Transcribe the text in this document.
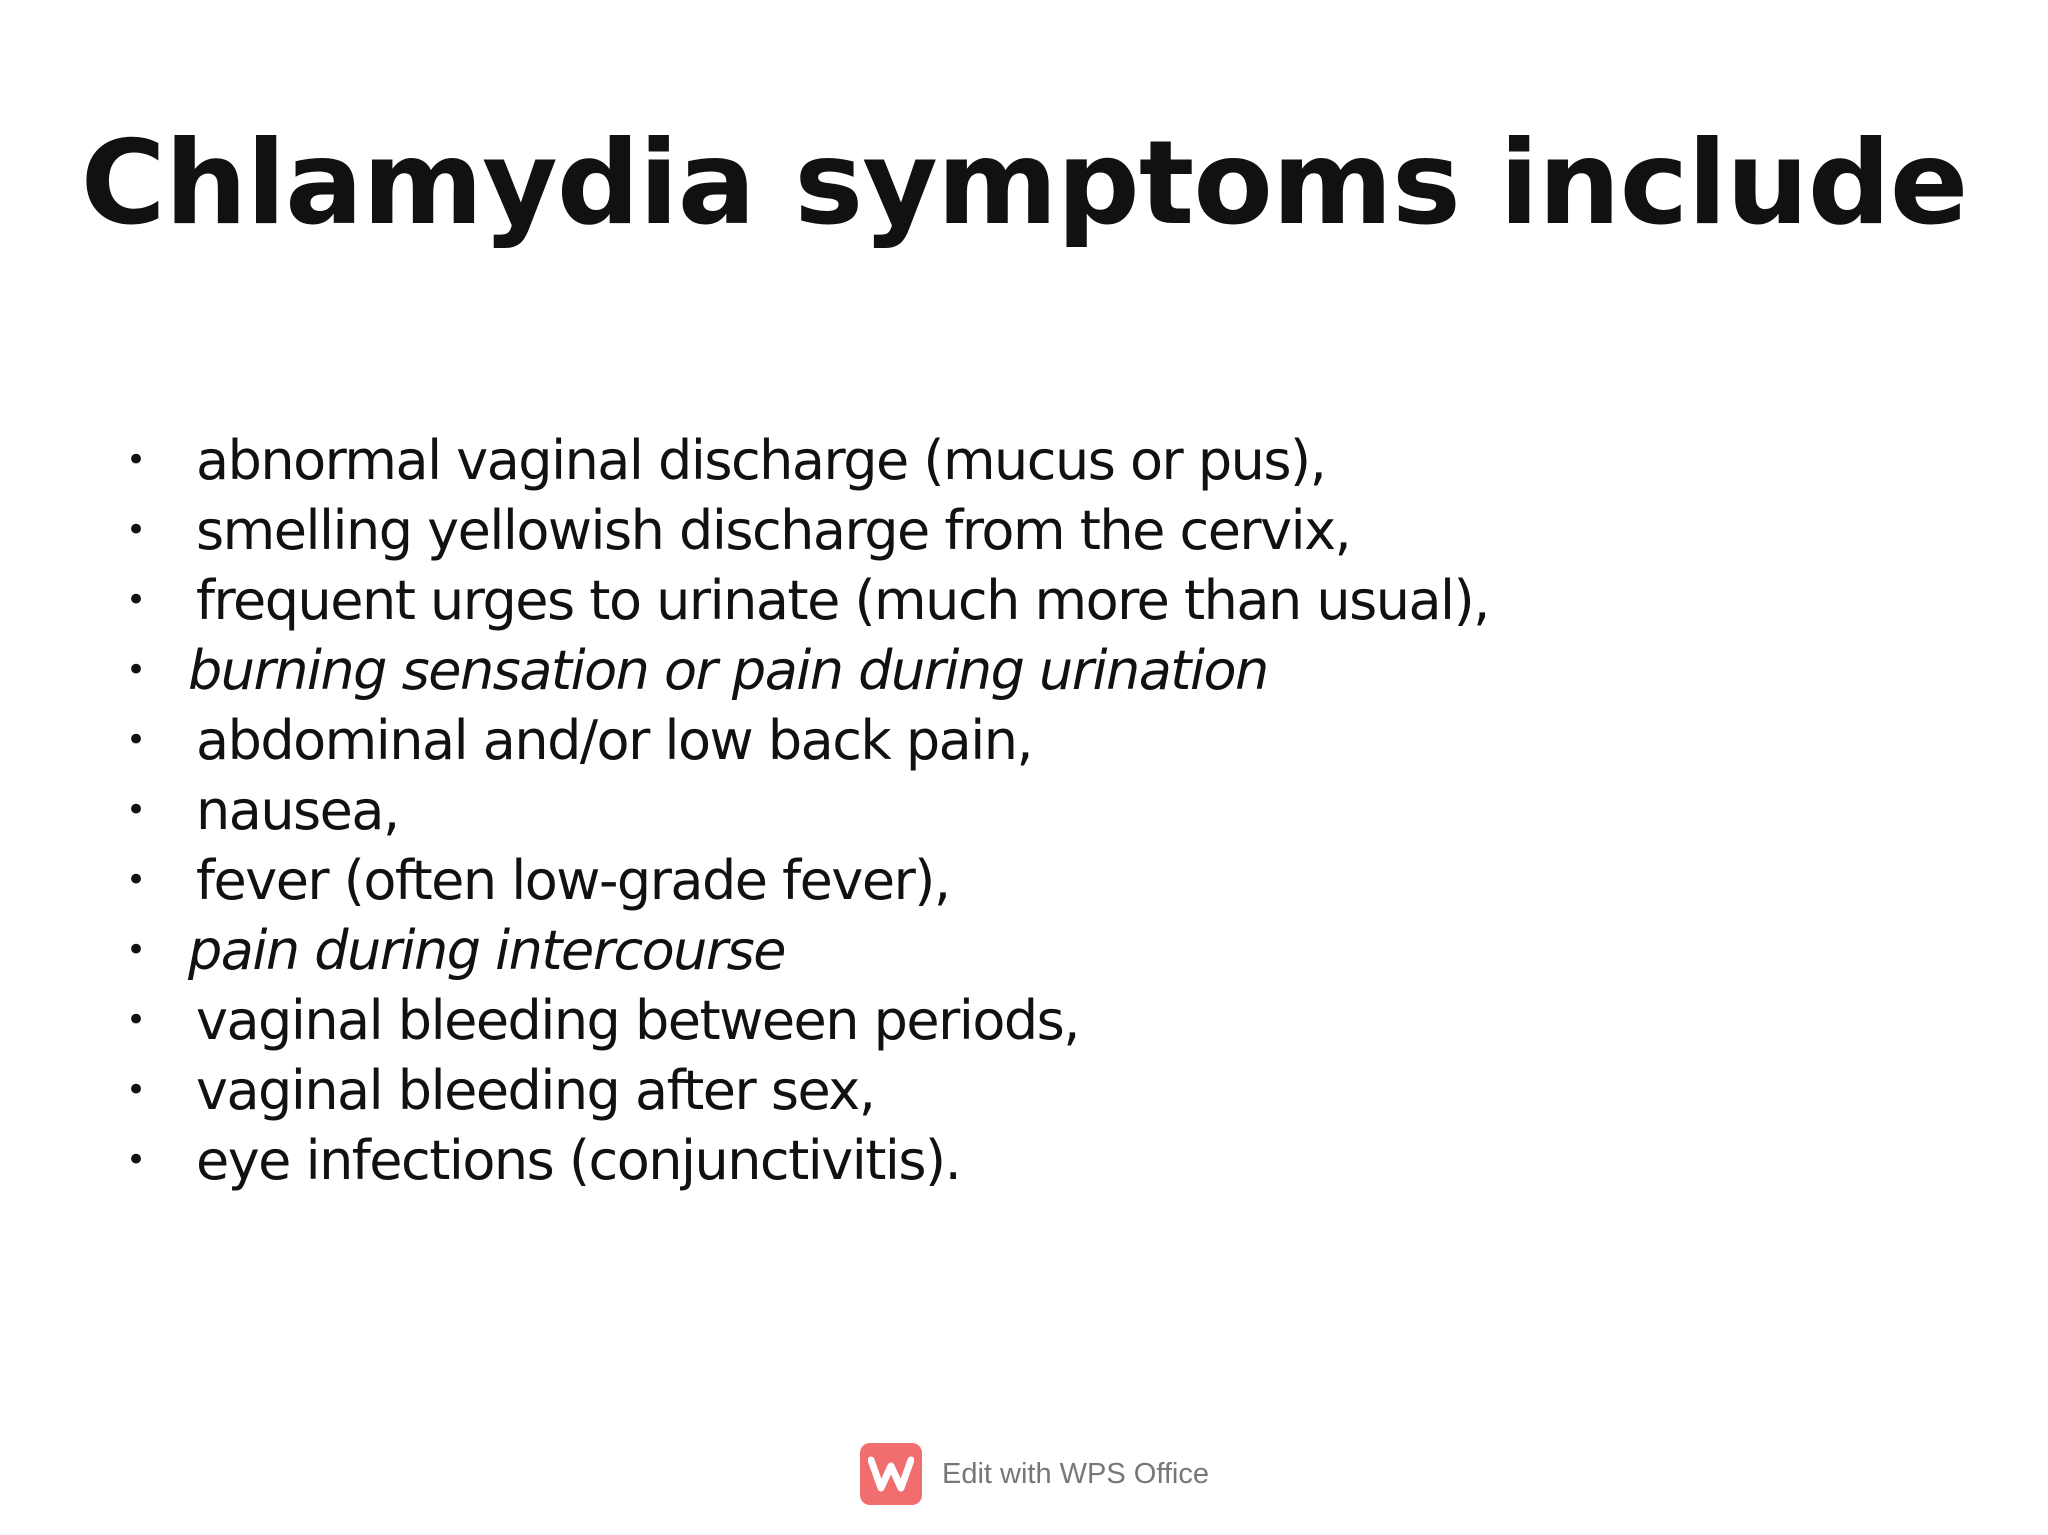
Chlamydia symptoms include
• abnormal vaginal discharge (mucus or pus),
• smelling yellowish discharge from the cervix,
• frequent urges to urinate (much more than usual),
• burning sensation or pain during urination
• abdominal and/or low back pain,
• nausea,
• fever (often low-grade fever),
• pain during intercourse
• vaginal bleeding between periods,
• vaginal bleeding after sex,
• eye infections (conjunctivitis).
Edit with WPS Office
